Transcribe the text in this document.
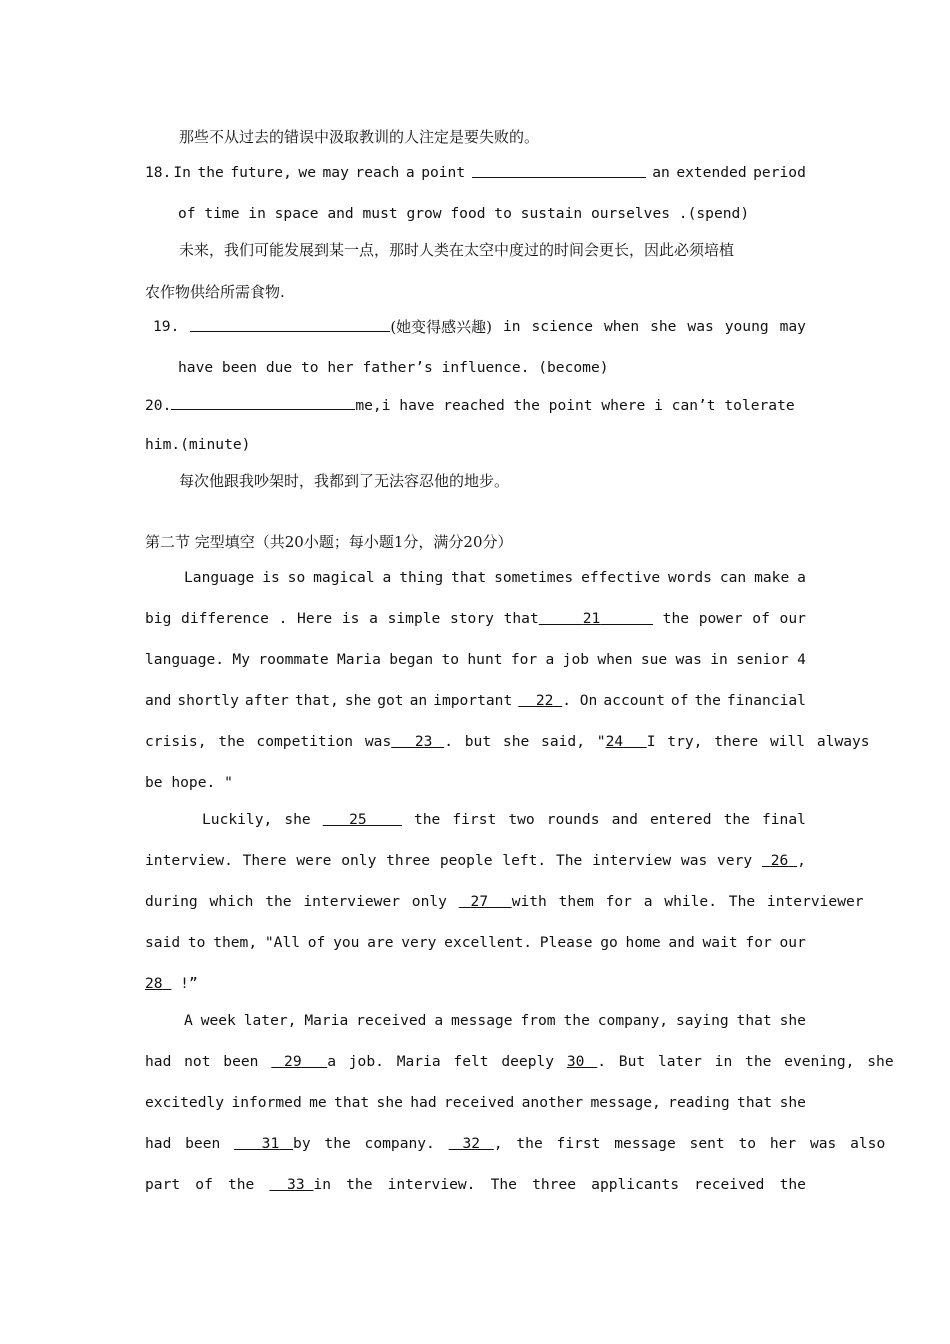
那些不从过去的错误中汲取教训的人注定是要失败的。
18. In the future, we may reach a point	an extended period
of time in space and must grow food to sustain ourselves .(spend)
未来，我们可能发展到某一点，那时人类在太空中度过的时间会更长，因此必须培植
农作物供给所需食物.
19.	(她变得感兴趣) in science when she was young may
have been due to her father’s influence. (become)
20.	me,i have reached the point where i can’t tolerate
him.(minute)
每次他跟我吵架时，我都到了无法容忍他的地步。
第二节 完型填空（共20小题；每小题1分，满分20分）
Language is so magical a thing that sometimes effective words can make a
big difference . Here is a simple story that	21	the power of our
language. My roommate Maria began to hunt for a job when sue was in senior 4
and shortly after that, she got an important	22 . On account of the financial
crisis, the competition was 23 . but she said, "24 I try, there will always
be hope. "
Luckily, she	25	the first two rounds and entered the final
interview. There were only three people left. The interview was very	26 ,
during which the interviewer only 27 with them for a while. The interviewer
said to them, "All of you are very excellent. Please go home and wait for our
28 !”
A week later, Maria received a message from the company, saying that she
had not been 29 a job. Maria felt deeply 30 . But later in the evening, she
excitedly informed me that she had received another message, reading that she
had been	31 by the company. 32 , the first message sent to her was also
part of the	33 in the interview. The three applicants received the
